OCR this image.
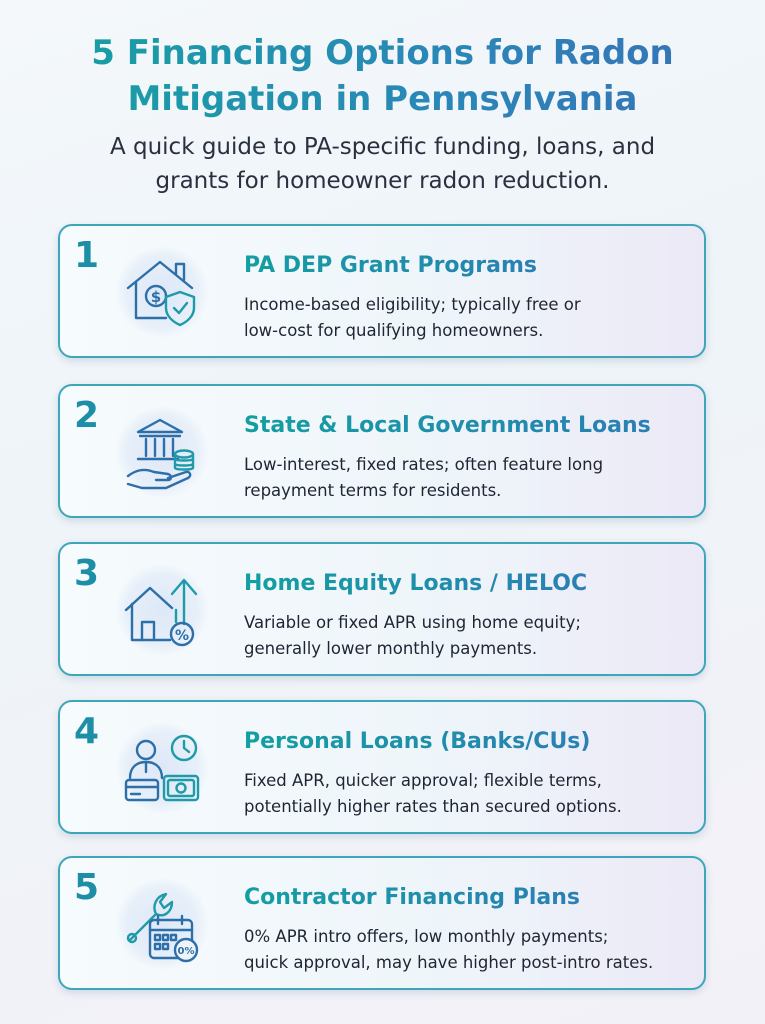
5 Financing Options for Radon
Mitigation in Pennsylvania

A quick guide to PA-specific funding, loans, and
grants for homeowner radon reduction.

1
$
PA DEP Grant Programs
Income-based eligibility; typically free or
low-cost for qualifying homeowners.
2	State & Local Government Loans
Low-interest, fixed rates; often feature long
repayment terms for residents.
3
%
Home Equity Loans / HELOC
Variable or fixed APR using home equity;
generally lower monthly payments.
4	Personal Loans (Banks/CUs)
Fixed APR, quicker approval; flexible terms,
potentially higher rates than secured options.
5
0%
Contractor Financing Plans
0% APR intro offers, low monthly payments;
quick approval, may have higher post-intro rates.
